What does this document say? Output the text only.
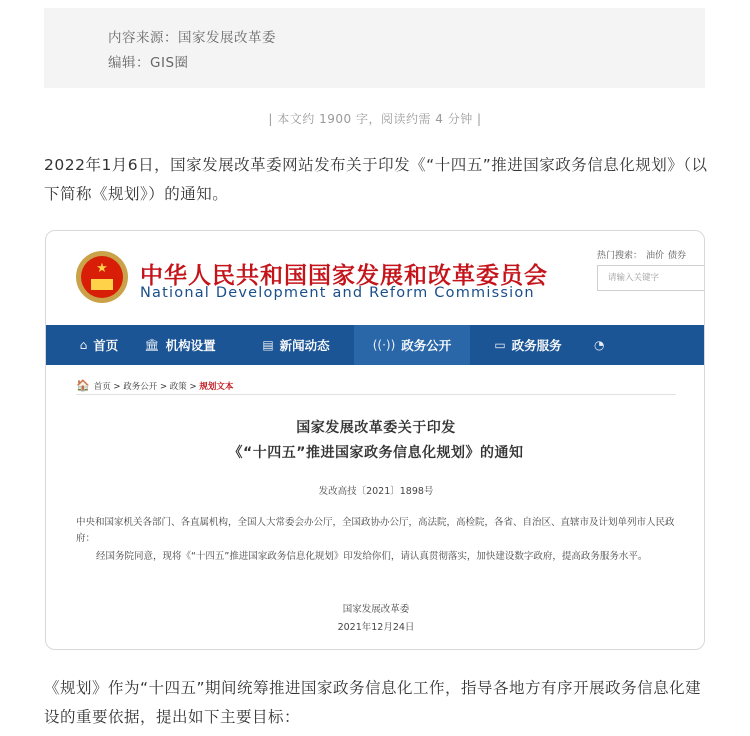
内容来源：国家发展改革委
编辑：GIS圈
| 本文约 1900 字，阅读约需 4 分钟 |
2022年1月6日，国家发展改革委网站发布关于印发《“十四五”推进国家政务信息化规划》（以下简称《规划》）的通知。
★	中华人民共和国国家发展和改革委员会
National Development and Reform Commission
热门搜索： 油价 债券
请输入关键字
⌂ 首页 🏛 机构设置	▤ 新闻动态	((·)) 政务公开	▭ 政务服务	◔
🏠 首页 > 政务公开 > 政策 > 规划文本
国家发展改革委关于印发
《“十四五”推进国家政务信息化规划》的通知
发改高技〔2021〕1898号
中央和国家机关各部门、各直属机构，全国人大常委会办公厅，全国政协办公厅，高法院，高检院，各省、自治区、直辖市及计划单列市人民政府：
经国务院同意，现将《“十四五”推进国家政务信息化规划》印发给你们，请认真贯彻落实，加快建设数字政府，提高政务服务水平。
国家发展改革委
2021年12月24日
《规划》作为“十四五”期间统筹推进国家政务信息化工作，指导各地方有序开展政务信息化建设的重要依据，提出如下主要目标：
